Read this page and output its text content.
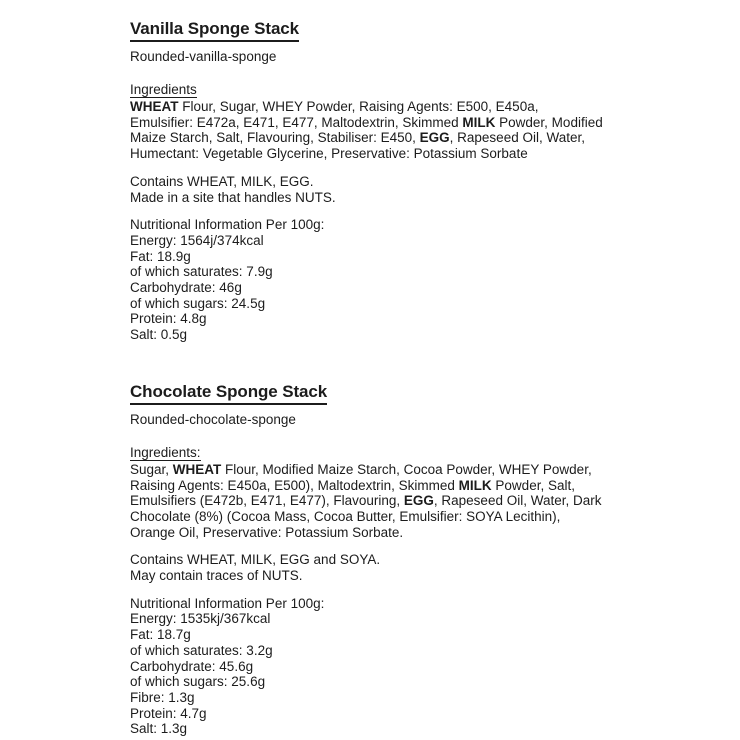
Vanilla Sponge Stack
Rounded-vanilla-sponge
Ingredients
WHEAT Flour, Sugar, WHEY Powder, Raising Agents: E500, E450a, Emulsifier: E472a, E471, E477, Maltodextrin, Skimmed MILK Powder, Modified Maize Starch, Salt, Flavouring, Stabiliser: E450, EGG, Rapeseed Oil, Water, Humectant: Vegetable Glycerine, Preservative: Potassium Sorbate
Contains WHEAT, MILK, EGG.
Made in a site that handles NUTS.
Nutritional Information Per 100g:
Energy: 1564j/374kcal
Fat: 18.9g
of which saturates: 7.9g
Carbohydrate: 46g
of which sugars: 24.5g
Protein: 4.8g
Salt: 0.5g
Chocolate Sponge Stack
Rounded-chocolate-sponge
Ingredients:
Sugar, WHEAT Flour, Modified Maize Starch, Cocoa Powder, WHEY Powder, Raising Agents: E450a, E500), Maltodextrin, Skimmed MILK Powder, Salt, Emulsifiers (E472b, E471, E477), Flavouring, EGG, Rapeseed Oil, Water, Dark Chocolate (8%) (Cocoa Mass, Cocoa Butter, Emulsifier: SOYA Lecithin), Orange Oil, Preservative: Potassium Sorbate.
Contains WHEAT, MILK, EGG and SOYA.
May contain traces of NUTS.
Nutritional Information Per 100g:
Energy: 1535kj/367kcal
Fat: 18.7g
of which saturates: 3.2g
Carbohydrate: 45.6g
of which sugars: 25.6g
Fibre: 1.3g
Protein: 4.7g
Salt: 1.3g
